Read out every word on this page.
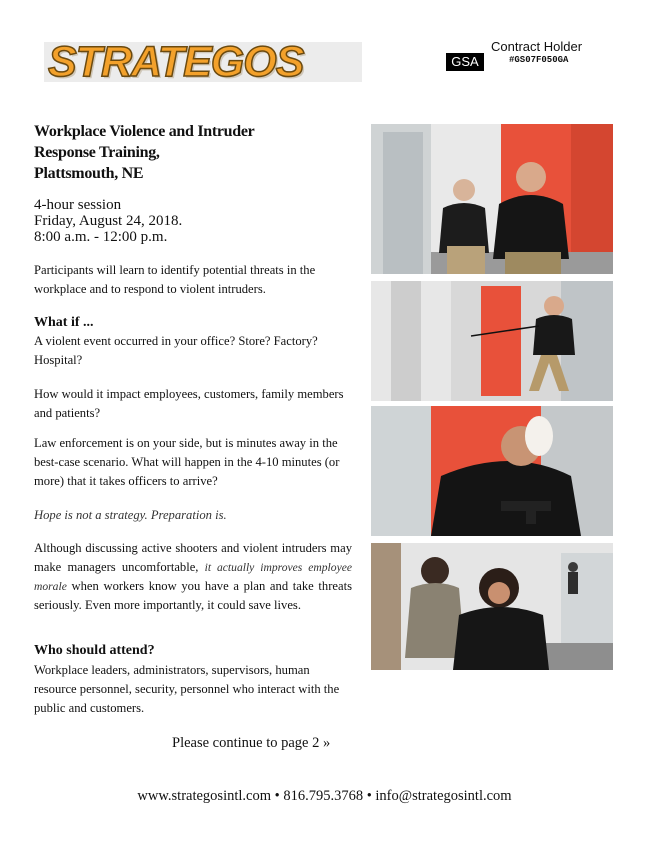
STRATEGOS	GSA
Contract Holder
#GS07F050GA
Workplace Violence and Intruder
Response Training,
Plattsmouth, NE
4-hour session
Friday, August 24, 2018.
8:00 a.m. - 12:00 p.m.

Participants will learn to identify potential threats in the workplace and to respond to violent intruders.

What if ...

A violent event occurred in your office? Store? Factory? Hospital?

How would it impact employees, customers, family members and patients?

Law enforcement is on your side, but is minutes away in the best-case scenario. What will happen in the 4-10 minutes (or more) that it takes officers to arrive?

Hope is not a strategy. Preparation is.

Although discussing active shooters and violent intruders may make managers uncomfortable, it actually improves employee morale when workers know you have a plan and take threats seriously. Even more importantly, it could save lives.

Who should attend?

Workplace leaders, administrators, supervisors, human resource personnel, security, personnel who interact with the public and customers.

Please continue to page 2 »
www.strategosintl.com • 816.795.3768 • info@strategosintl.com
